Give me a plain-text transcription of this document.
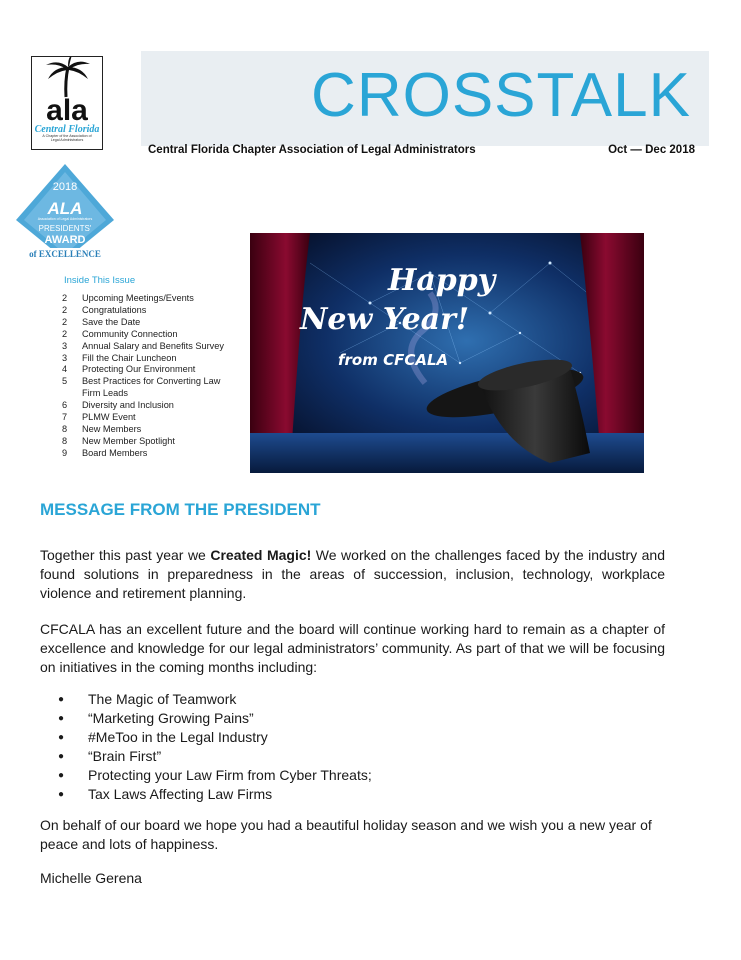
ala
Central Florida
A Chapter of the Association of Legal Administrators
CROSSTALK
Central Florida Chapter Association of Legal Administrators	Oct — Dec 2018
2018
ALA
Association of Legal Administrators
PRESIDENTS'
AWARD
of EXCELLENCE
Happy
New Year!
from CFCALA
Inside This Issue
2	Upcoming Meetings/Events
2	Congratulations
2	Save the Date
2	Community Connection
3	Annual Salary and Benefits Survey
3	Fill the Chair Luncheon
4	Protecting Our Environment
5	Best Practices for Converting Law Firm Leads
6	Diversity and Inclusion
7	PLMW Event
8	New Members
8	New Member Spotlight
9	Board Members
MESSAGE FROM THE PRESIDENT
Together this past year we Created Magic! We worked on the challenges faced by the industry and found solutions in preparedness in the areas of succession, inclusion, technology, workplace violence and retirement planning.
CFCALA has an excellent future and the board will continue working hard to remain as a chapter of excellence and knowledge for our legal administrators’ community. As part of that we will be focusing on initiatives in the coming months including:
●	The Magic of Teamwork
●	“Marketing Growing Pains”
●	#MeToo in the Legal Industry
●	“Brain First”
●	Protecting your Law Firm from Cyber Threats;
●	Tax Laws Affecting Law Firms
On behalf of our board we hope you had a beautiful holiday season and we wish you a new year of peace and lots of happiness.
Michelle Gerena
